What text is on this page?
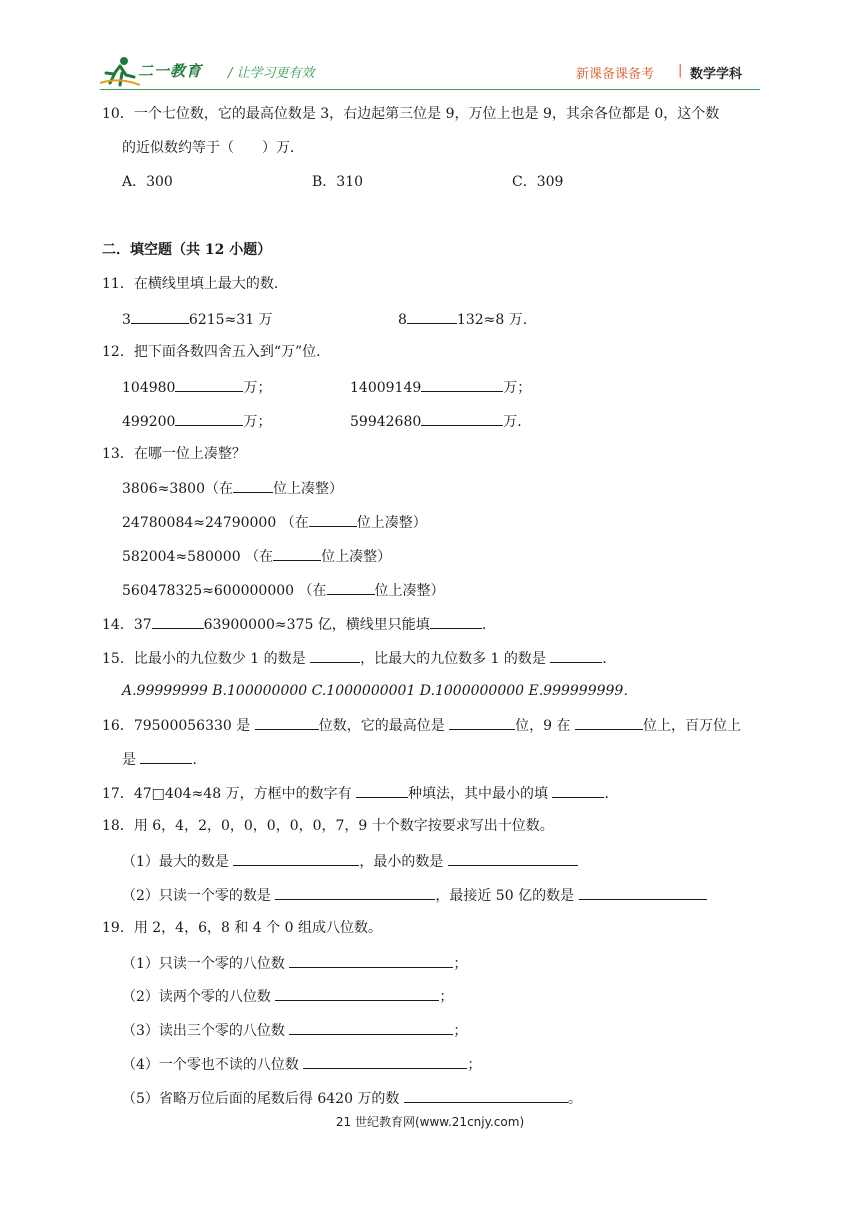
二一教育 / 让学习更有效	新课备课备考 | 数学学科
10．一个七位数，它的最高位数是 3，右边起第三位是 9，万位上也是 9，其余各位都是 0，这个数
的近似数约等于（　　）万．
A．300	B．310	C．309
二．填空题（共 12 小题）
11．在横线里填上最大的数．
3	6215≈31 万	8	132≈8 万．
12．把下面各数四舍五入到“万”位．
104980	万；	14009149	万；
499200	万；	59942680	万．
13．在哪一位上凑整？
3806≈3800（在	位上凑整）
24780084≈24790000 （在	位上凑整）
582004≈580000 （在	位上凑整）
560478325≈600000000 （在	位上凑整）
14．37	63900000≈375 亿，横线里只能填	．
15．比最小的九位数少 1 的数是	，比最大的九位数多 1 的数是	．
A.99999999 B.100000000 C.1000000001 D.1000000000 E.999999999．
16．79500056330 是	位数，它的最高位是	位，9 在	位上，百万位上
是	．
17．47□404≈48 万，方框中的数字有	种填法，其中最小的填	．
18．用 6，4，2，0，0，0，0，0，7，9 十个数字按要求写出十位数。
（1）最大的数是	，最小的数是
（2）只读一个零的数是	，最接近 50 亿的数是
19．用 2，4，6，8 和 4 个 0 组成八位数。
（1）只读一个零的八位数	；
（2）读两个零的八位数	；
（3）读出三个零的八位数	；
（4）一个零也不读的八位数	；
（5）省略万位后面的尾数后得 6420 万的数	。
21 世纪教育网(www.21cnjy.com)
